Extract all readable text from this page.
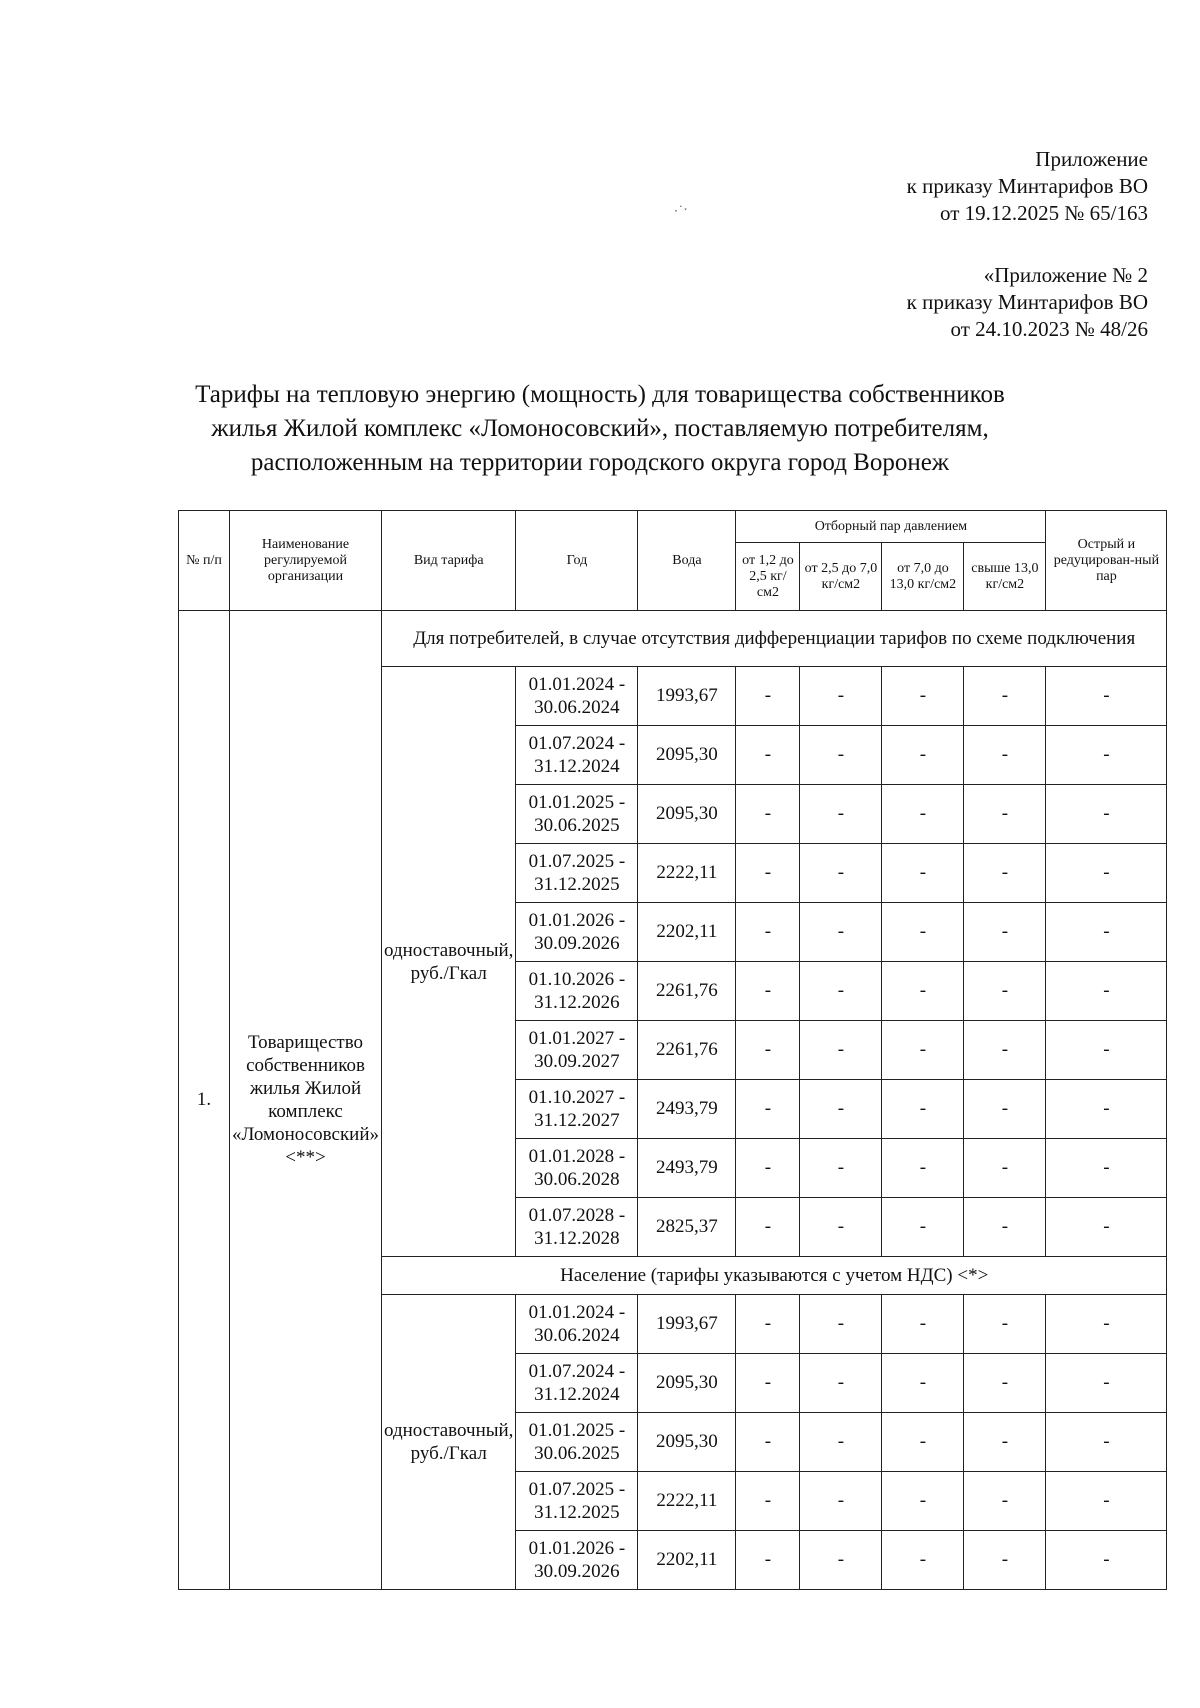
Приложение
к приказу Минтарифов ВО
от 19.12.2025 № 65/163
·˙ˑ
«Приложение № 2
к приказу Минтарифов ВО
от 24.10.2023 № 48/26
Тарифы на тепловую энергию (мощность) для товарищества собственников
жилья Жилой комплекс «Ломоносовский», поставляемую потребителям,
расположенным на территории городского округа город Воронеж
№ п/п	Наименование регулируемой организации	Вид тарифа	Год	Вода	Отборный пар давлением				Острый и редуцирован-ный пар
					от 1,2 до 2,5 кг/см2	от 2,5 до 7,0 кг/см2	от 7,0 до 13,0 кг/см2	свыше 13,0 кг/см2	
1.	Товарищество собственников жилья Жилой комплекс «Ломоносовский» <**>	Для потребителей, в случае отсутствия дифференциации тарифов по схеме подключения							
		одноставочный, руб./Гкал	01.01.2024 - 30.06.2024	1993,67	-	-	-	-	-
			01.07.2024 - 31.12.2024	2095,30	-	-	-	-	-
			01.01.2025 - 30.06.2025	2095,30	-	-	-	-	-
			01.07.2025 - 31.12.2025	2222,11	-	-	-	-	-
			01.01.2026 - 30.09.2026	2202,11	-	-	-	-	-
			01.10.2026 - 31.12.2026	2261,76	-	-	-	-	-
			01.01.2027 - 30.09.2027	2261,76	-	-	-	-	-
			01.10.2027 - 31.12.2027	2493,79	-	-	-	-	-
			01.01.2028 - 30.06.2028	2493,79	-	-	-	-	-
			01.07.2028 - 31.12.2028	2825,37	-	-	-	-	-
		Население (тарифы указываются с учетом НДС) <*>							
		одноставочный, руб./Гкал	01.01.2024 - 30.06.2024	1993,67	-	-	-	-	-
			01.07.2024 - 31.12.2024	2095,30	-	-	-	-	-
			01.01.2025 - 30.06.2025	2095,30	-	-	-	-	-
			01.07.2025 - 31.12.2025	2222,11	-	-	-	-	-
			01.01.2026 - 30.09.2026	2202,11	-	-	-	-	-
